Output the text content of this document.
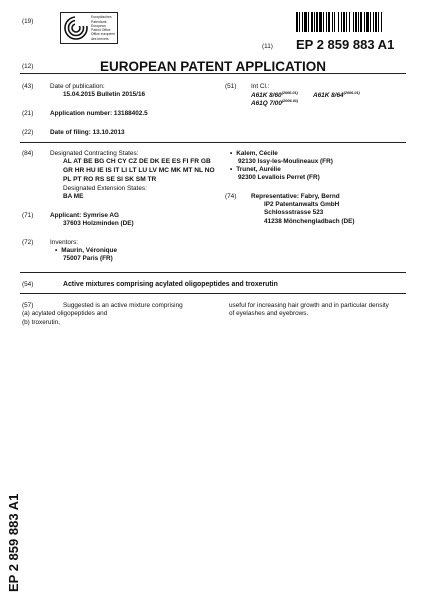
(19)
Europäisches
Patentamt
European
Patent Office
Office européen
des brevets
(11) EP 2 859 883 A1
(12)	EUROPEAN PATENT APPLICATION
(43)	Date of publication:
15.04.2015 Bulletin 2015/16
(21)	Application number: 13188402.5
(22)	Date of filing: 13.10.2013
(84)	Designated Contracting States:
AL AT BE BG CH CY CZ DE DK EE ES FI FR GB
GR HR HU IE IS IT LI LT LU LV MC MK MT NL NO
PL PT RO RS SE SI SK SM TR
Designated Extension States:
BA ME
(71)	Applicant: Symrise AG
37603 Holzminden (DE)
(72)	Inventors:
• Maurin, Véronique
75007 Paris (FR)
(51) Int Cl.:
A61K $8/60^{(2006.01)}$ A61K $8/64^{(2006.01)}$
A61Q $7/00^{(2006.01)}$
• Kalem, Cécile
92130 Issy-les-Moulineaux (FR)
• Trunet, Aurélie
92300 Levallois Perret (FR)
(74) Representative: Fabry, Bernd
IP2 Patentanwalts GmbH
Schlossstrasse 523
41238 Mönchengladbach (DE)
(54)	Active mixtures comprising acylated oligopeptides and troxerutin
(57)	Suggested is an active mixture comprising
(a) acylated oligopeptides and
(b) troxerutin,
useful for increasing hair growth and in particular density
of eyelashes and eyebrows.
EP 2 859 883 A1
